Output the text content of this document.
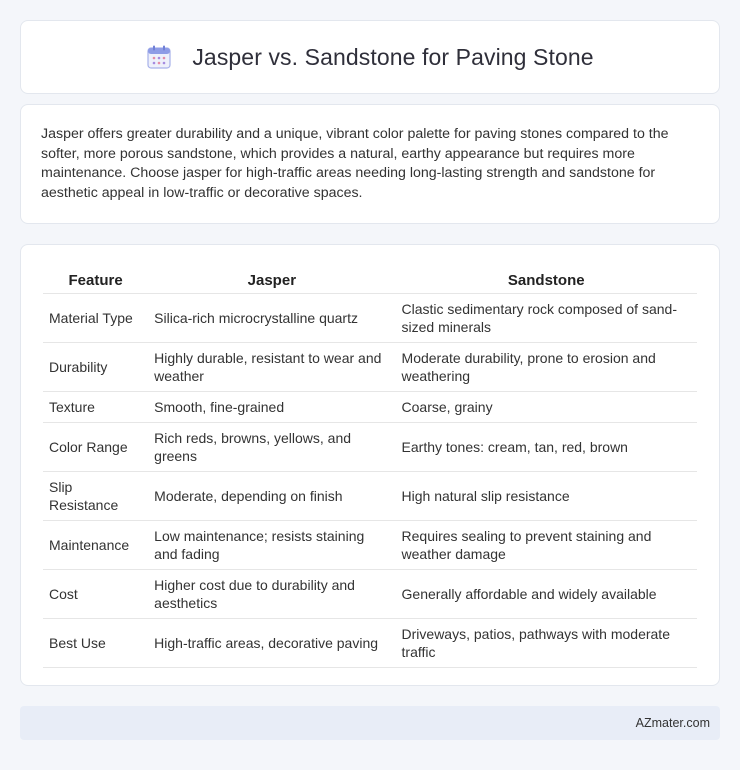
Jasper vs. Sandstone for Paving Stone

Jasper offers greater durability and a unique, vibrant color palette for paving stones compared to the softer, more porous sandstone, which provides a natural, earthy appearance but requires more maintenance. Choose jasper for high-traffic areas needing long-lasting strength and sandstone for aesthetic appeal in low-traffic or decorative spaces.

Feature	Jasper	Sandstone
Material Type	Silica-rich microcrystalline quartz	Clastic sedimentary rock composed of sand-sized minerals
Durability	Highly durable, resistant to wear and weather	Moderate durability, prone to erosion and weathering
Texture	Smooth, fine-grained	Coarse, grainy
Color Range	Rich reds, browns, yellows, and greens	Earthy tones: cream, tan, red, brown
Slip Resistance	Moderate, depending on finish	High natural slip resistance
Maintenance	Low maintenance; resists staining and fading	Requires sealing to prevent staining and weather damage
Cost	Higher cost due to durability and aesthetics	Generally affordable and widely available
Best Use	High-traffic areas, decorative paving	Driveways, patios, pathways with moderate traffic
AZmater.com
